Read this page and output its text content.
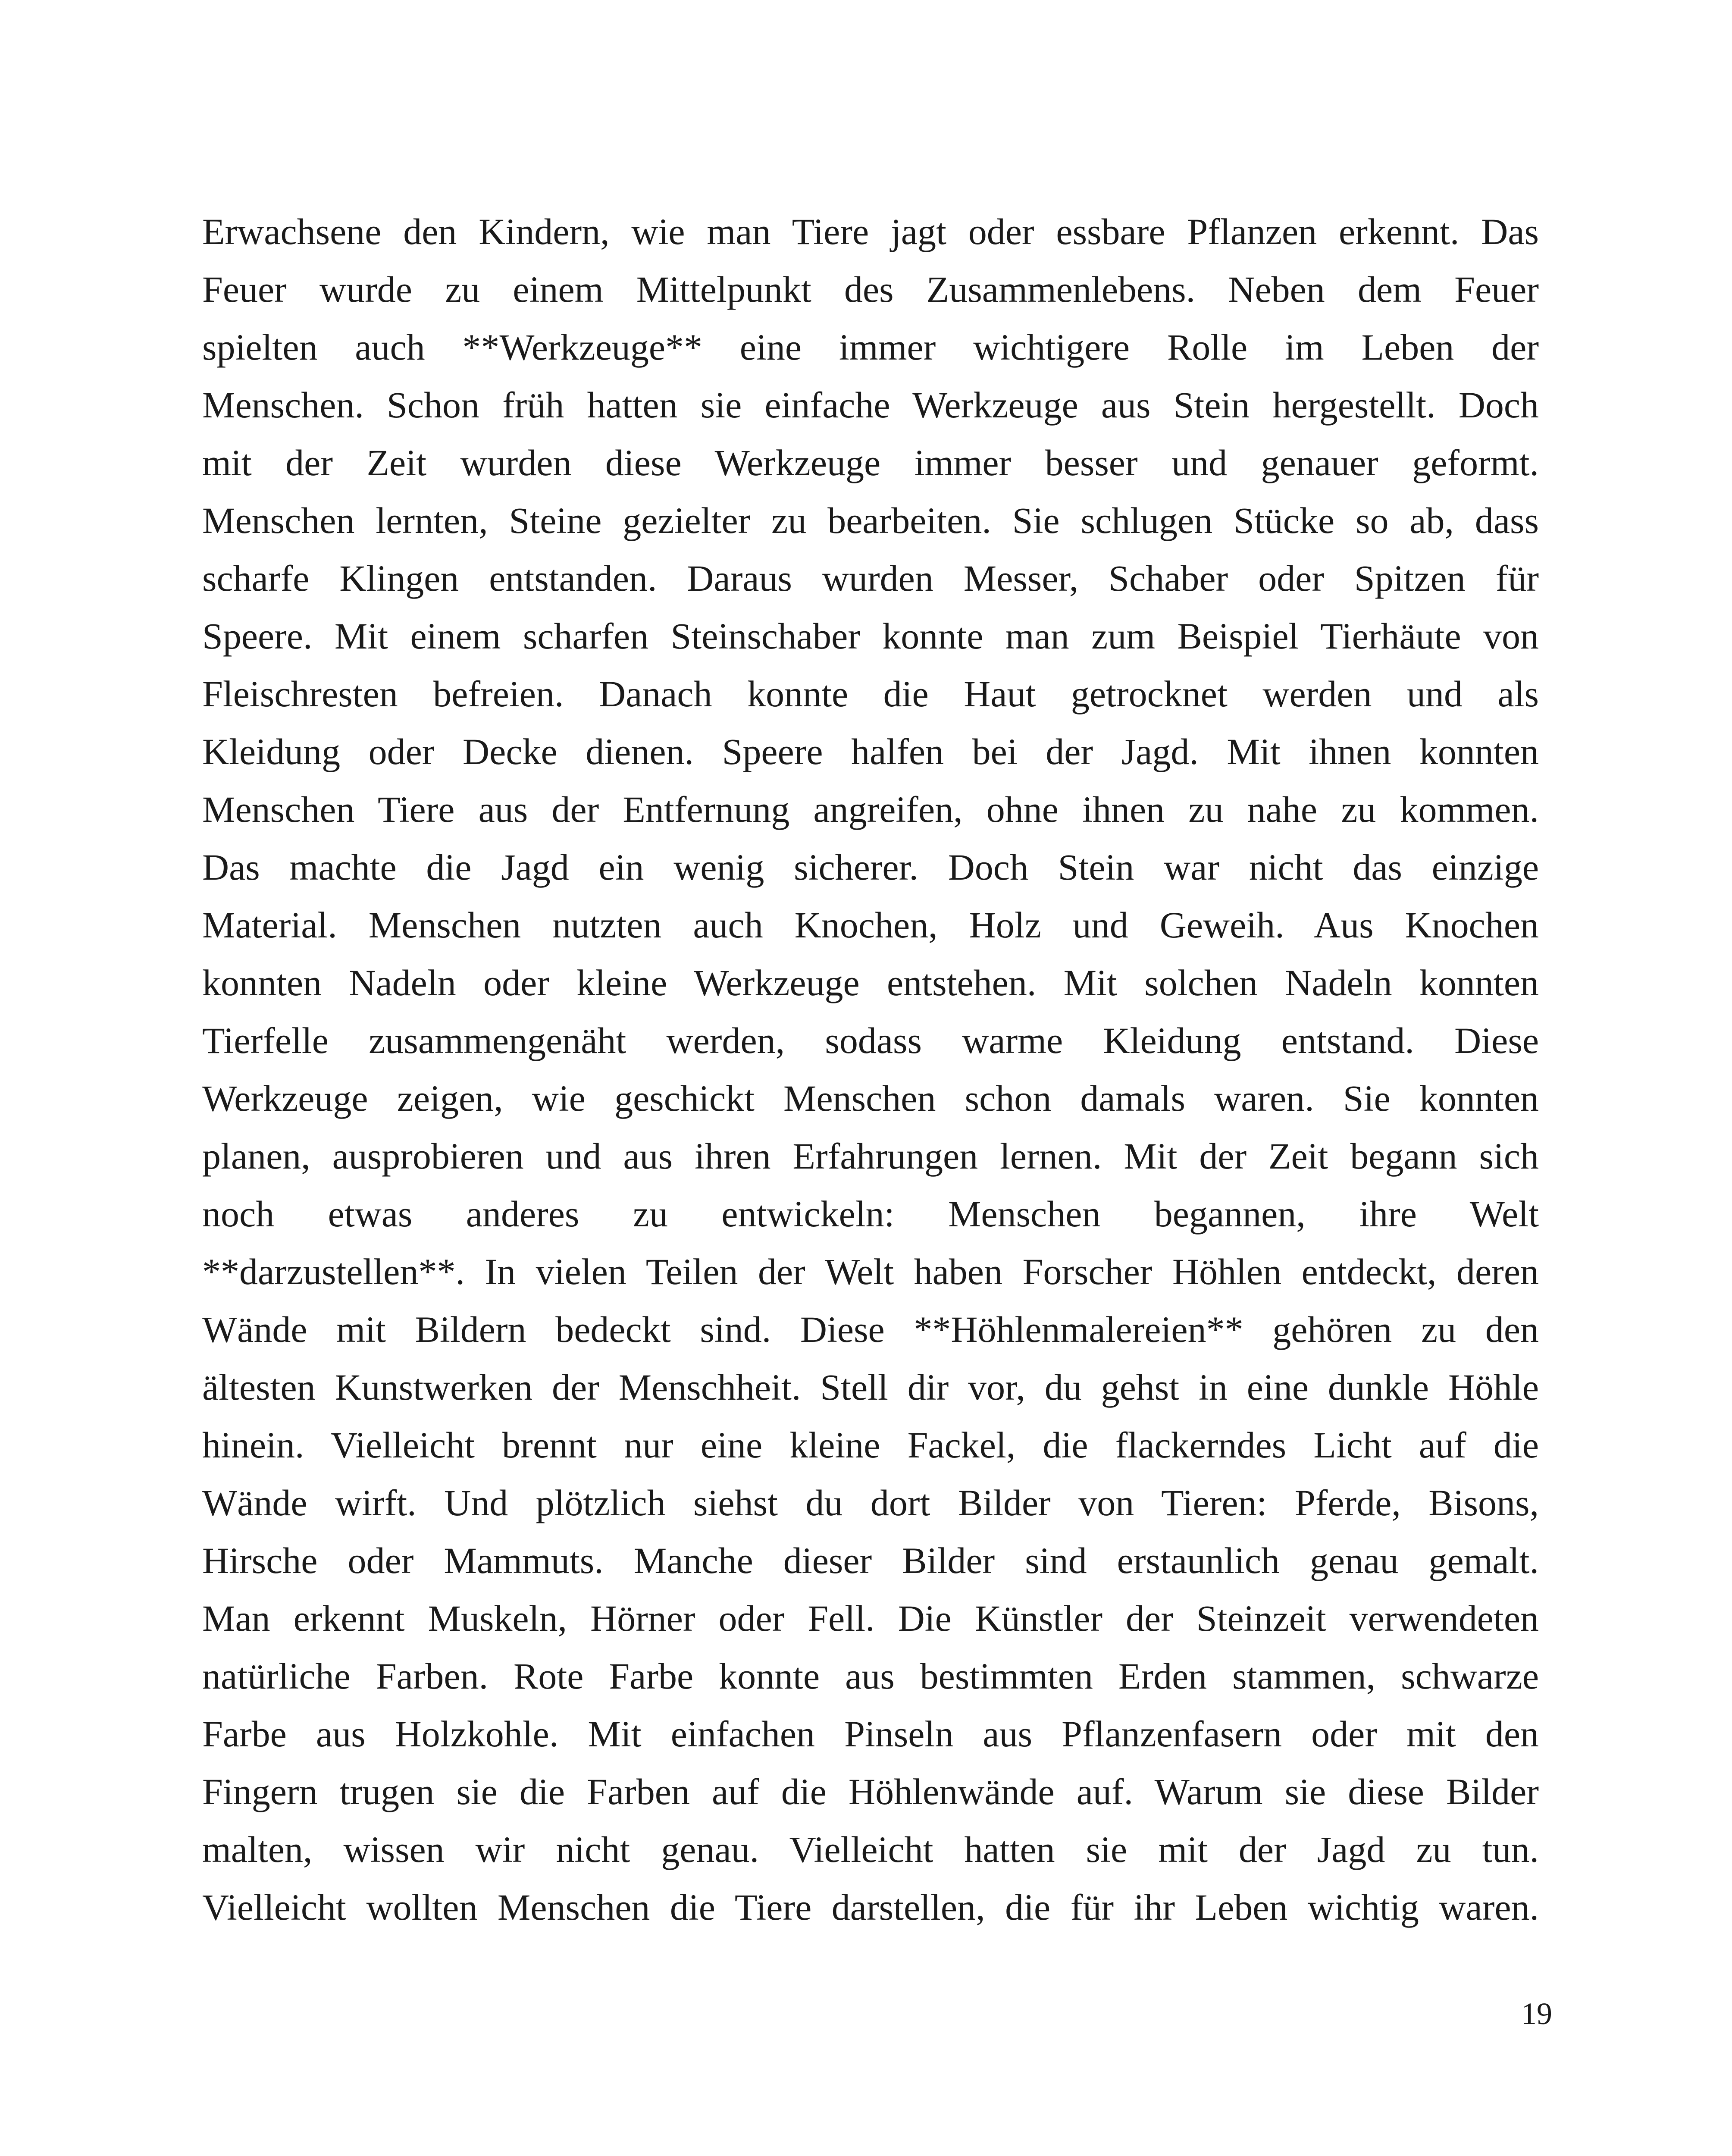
Erwachsene den Kindern, wie man Tiere jagt oder essbare Pflanzen erkennt. Das
Feuer wurde zu einem Mittelpunkt des Zusammenlebens. Neben dem Feuer
spielten auch **Werkzeuge** eine immer wichtigere Rolle im Leben der
Menschen. Schon früh hatten sie einfache Werkzeuge aus Stein hergestellt. Doch
mit der Zeit wurden diese Werkzeuge immer besser und genauer geformt.
Menschen lernten, Steine gezielter zu bearbeiten. Sie schlugen Stücke so ab, dass
scharfe Klingen entstanden. Daraus wurden Messer, Schaber oder Spitzen für
Speere. Mit einem scharfen Steinschaber konnte man zum Beispiel Tierhäute von
Fleischresten befreien. Danach konnte die Haut getrocknet werden und als
Kleidung oder Decke dienen. Speere halfen bei der Jagd. Mit ihnen konnten
Menschen Tiere aus der Entfernung angreifen, ohne ihnen zu nahe zu kommen.
Das machte die Jagd ein wenig sicherer. Doch Stein war nicht das einzige
Material. Menschen nutzten auch Knochen, Holz und Geweih. Aus Knochen
konnten Nadeln oder kleine Werkzeuge entstehen. Mit solchen Nadeln konnten
Tierfelle zusammengenäht werden, sodass warme Kleidung entstand. Diese
Werkzeuge zeigen, wie geschickt Menschen schon damals waren. Sie konnten
planen, ausprobieren und aus ihren Erfahrungen lernen. Mit der Zeit begann sich
noch etwas anderes zu entwickeln: Menschen begannen, ihre Welt
**darzustellen**. In vielen Teilen der Welt haben Forscher Höhlen entdeckt, deren
Wände mit Bildern bedeckt sind. Diese **Höhlenmalereien** gehören zu den
ältesten Kunstwerken der Menschheit. Stell dir vor, du gehst in eine dunkle Höhle
hinein. Vielleicht brennt nur eine kleine Fackel, die flackerndes Licht auf die
Wände wirft. Und plötzlich siehst du dort Bilder von Tieren: Pferde, Bisons,
Hirsche oder Mammuts. Manche dieser Bilder sind erstaunlich genau gemalt.
Man erkennt Muskeln, Hörner oder Fell. Die Künstler der Steinzeit verwendeten
natürliche Farben. Rote Farbe konnte aus bestimmten Erden stammen, schwarze
Farbe aus Holzkohle. Mit einfachen Pinseln aus Pflanzenfasern oder mit den
Fingern trugen sie die Farben auf die Höhlenwände auf. Warum sie diese Bilder
malten, wissen wir nicht genau. Vielleicht hatten sie mit der Jagd zu tun.
Vielleicht wollten Menschen die Tiere darstellen, die für ihr Leben wichtig waren.
19
